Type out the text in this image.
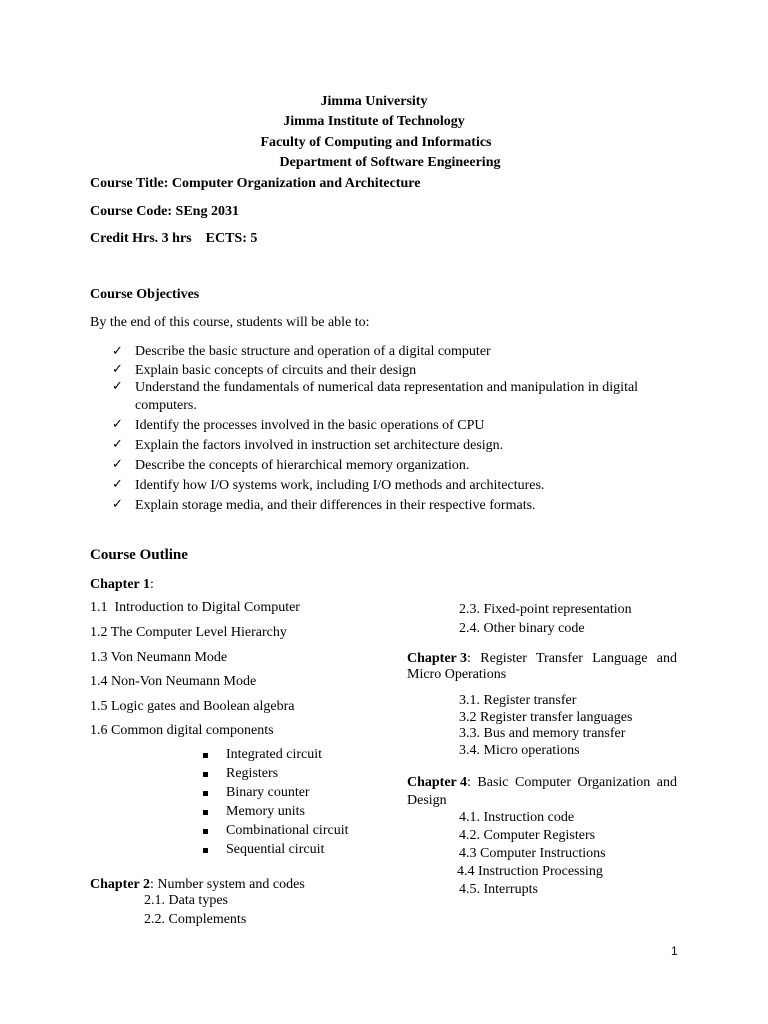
Jimma University
Jimma Institute of Technology
Faculty of Computing and Informatics
Department of Software Engineering
Course Title: Computer Organization and Architecture
Course Code: SEng 2031
Credit Hrs. 3 hrs    ECTS: 5
Course Objectives
By the end of this course, students will be able to:
✓ Describe the basic structure and operation of a digital computer
✓ Explain basic concepts of circuits and their design
✓ Understand the fundamentals of numerical data representation and manipulation in digital
computers.
✓ Identify the processes involved in the basic operations of CPU
✓ Explain the factors involved in instruction set architecture design.
✓ Describe the concepts of hierarchical memory organization.
✓ Identify how I/O systems work, including I/O methods and architectures.
✓ Explain storage media, and their differences in their respective formats.
Course Outline
Chapter 1:
1.1  Introduction to Digital Computer
1.2 The Computer Level Hierarchy
1.3 Von Neumann Mode
1.4 Non-Von Neumann Mode
1.5 Logic gates and Boolean algebra
1.6 Common digital components
Integrated circuit
Registers
Binary counter
Memory units
Combinational circuit
Sequential circuit
Chapter 2: Number system and codes
2.1. Data types
2.2. Complements
2.3. Fixed-point representation
2.4. Other binary code
Chapter 3 : Register Transfer Language and
Micro Operations
3.1. Register transfer
3.2 Register transfer languages
3.3. Bus and memory transfer
3.4. Micro operations
Chapter 4 : Basic Computer Organization and
Design
4.1. Instruction code
4.2. Computer Registers
4.3 Computer Instructions
4.4 Instruction Processing
4.5. Interrupts
1
